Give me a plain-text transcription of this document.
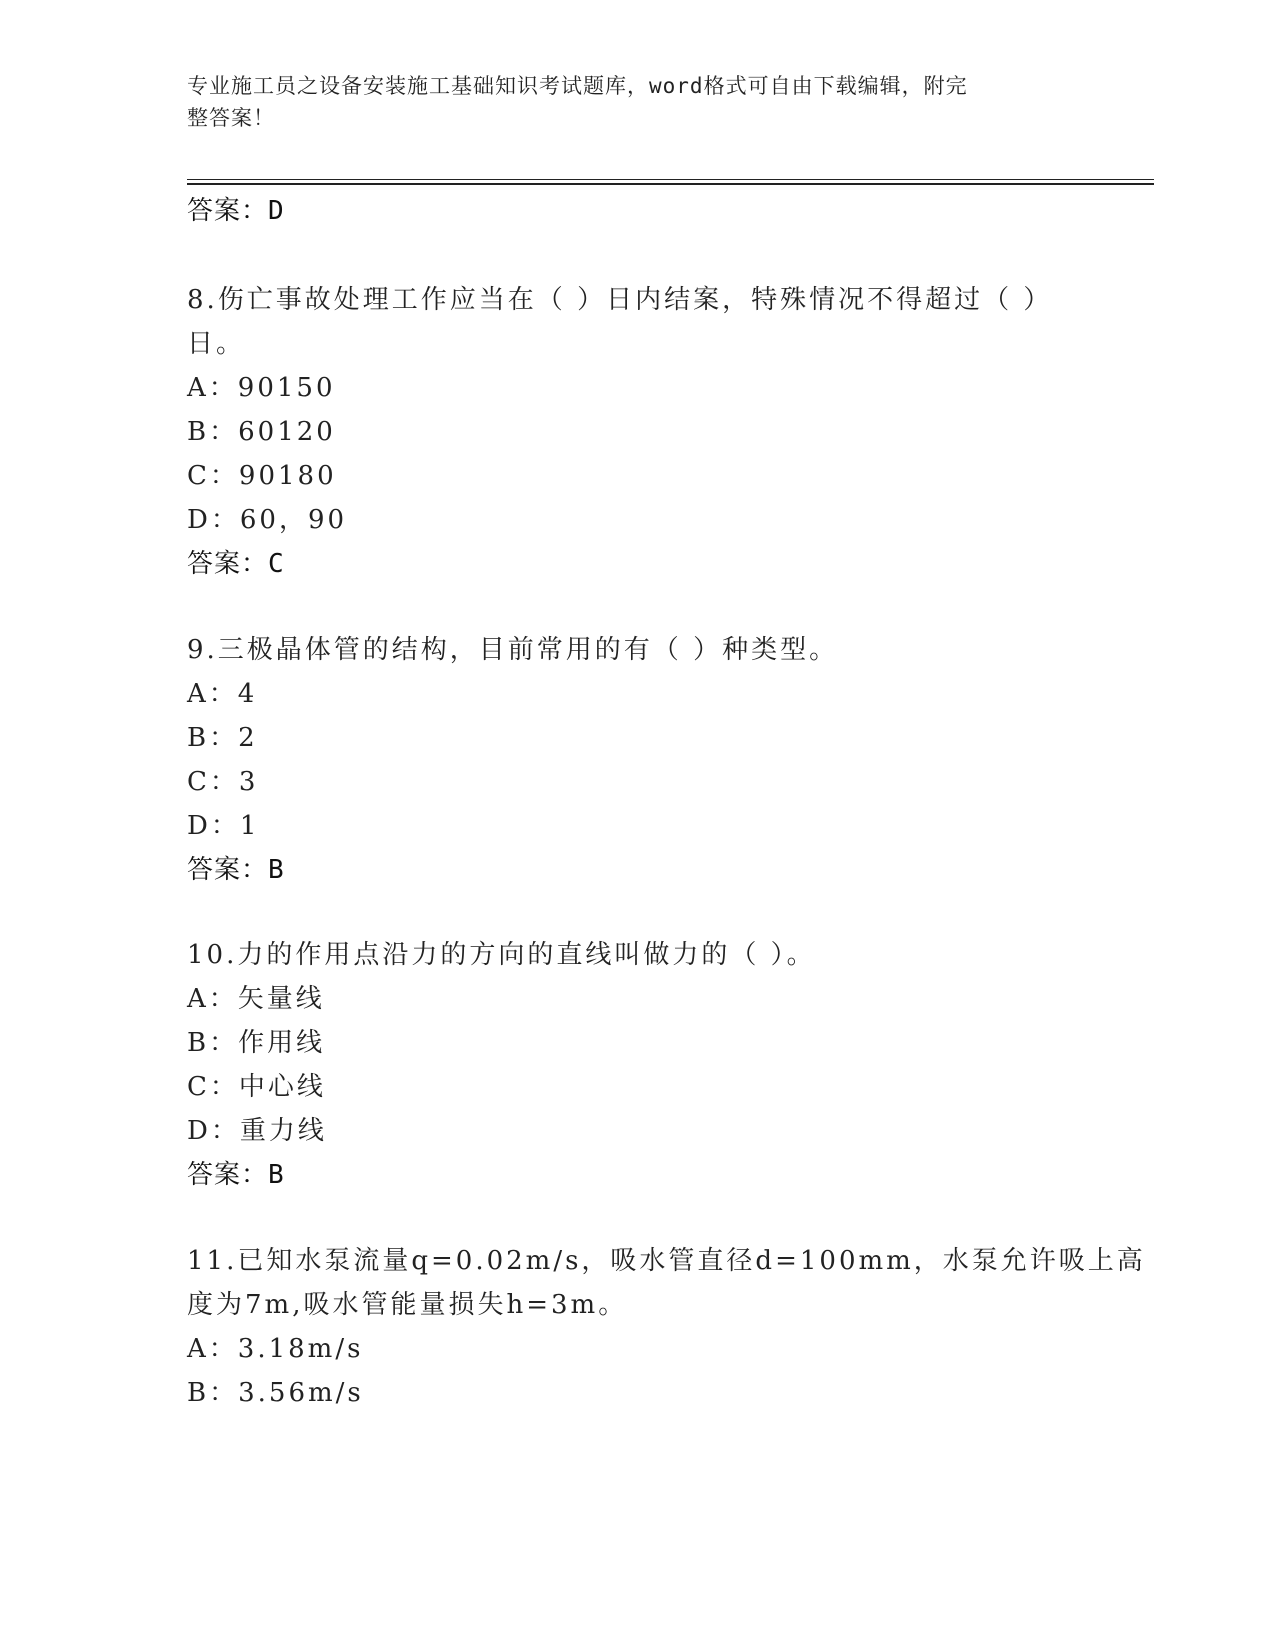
专业施工员之设备安装施工基础知识考试题库，word格式可自由下载编辑，附完
整答案！
答案：D
8.伤亡事故处理工作应当在（ ）日内结案，特殊情况不得超过（ ）
日。
A：90150
B：60120
C：90180
D：60，90
答案：C
9.三极晶体管的结构，目前常用的有（ ）种类型。
A：4
B：2
C：3
D：1
答案：B
10.力的作用点沿力的方向的直线叫做力的（ ）。
A：矢量线
B：作用线
C：中心线
D：重力线
答案：B
11.已知水泵流量q=0.02m/s，吸水管直径d=100mm，水泵允许吸上高
度为7m,吸水管能量损失h=3m。
A：3.18m/s
B：3.56m/s
